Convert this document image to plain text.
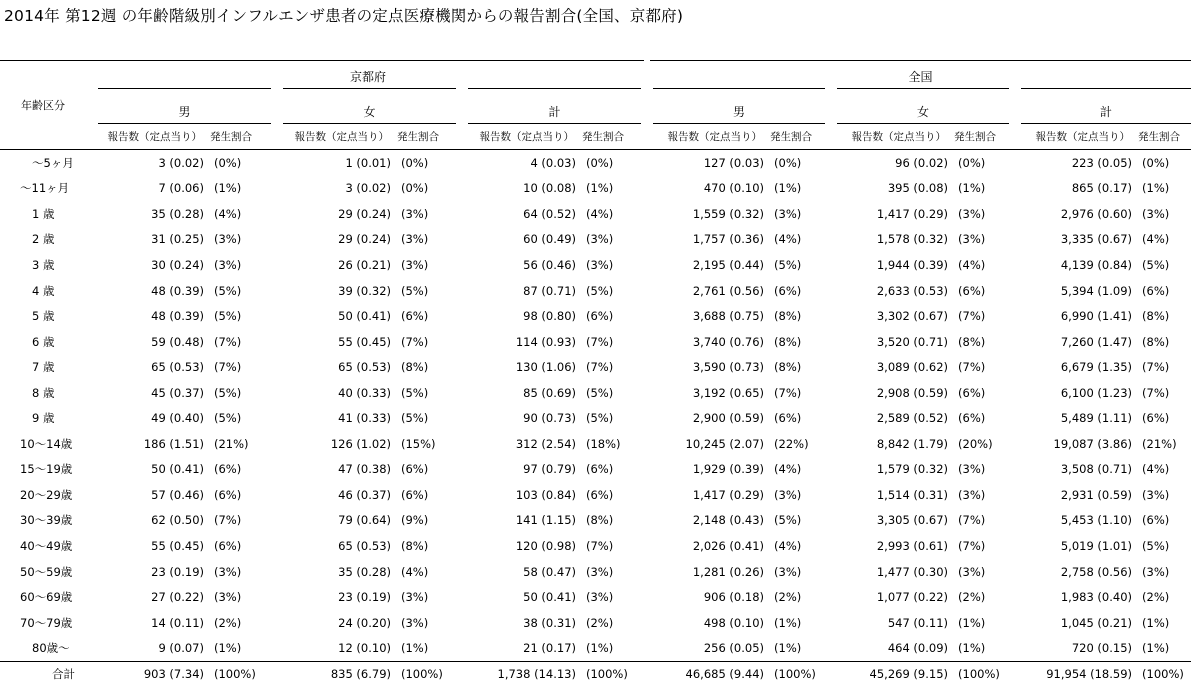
2014年 第12週 の年齢階級別インフルエンザ患者の定点医療機関からの報告割合(全国、京都府)
	京都府						全国					
年齢区分	男		女		計		男		女		計	
	報告数（定点当り）	発生割合	報告数（定点当り）	発生割合	報告数（定点当り）	発生割合	報告数（定点当り）	発生割合	報告数（定点当り）	発生割合	報告数（定点当り）	発生割合
〜5ヶ月	3 (0.02)	(0%)	1 (0.01)	(0%)	4 (0.03)	(0%)	127 (0.03)	(0%)	96 (0.02)	(0%)	223 (0.05)	(0%)
〜11ヶ月	7 (0.06)	(1%)	3 (0.02)	(0%)	10 (0.08)	(1%)	470 (0.10)	(1%)	395 (0.08)	(1%)	865 (0.17)	(1%)
1 歳	35 (0.28)	(4%)	29 (0.24)	(3%)	64 (0.52)	(4%)	1,559 (0.32)	(3%)	1,417 (0.29)	(3%)	2,976 (0.60)	(3%)
2 歳	31 (0.25)	(3%)	29 (0.24)	(3%)	60 (0.49)	(3%)	1,757 (0.36)	(4%)	1,578 (0.32)	(3%)	3,335 (0.67)	(4%)
3 歳	30 (0.24)	(3%)	26 (0.21)	(3%)	56 (0.46)	(3%)	2,195 (0.44)	(5%)	1,944 (0.39)	(4%)	4,139 (0.84)	(5%)
4 歳	48 (0.39)	(5%)	39 (0.32)	(5%)	87 (0.71)	(5%)	2,761 (0.56)	(6%)	2,633 (0.53)	(6%)	5,394 (1.09)	(6%)
5 歳	48 (0.39)	(5%)	50 (0.41)	(6%)	98 (0.80)	(6%)	3,688 (0.75)	(8%)	3,302 (0.67)	(7%)	6,990 (1.41)	(8%)
6 歳	59 (0.48)	(7%)	55 (0.45)	(7%)	114 (0.93)	(7%)	3,740 (0.76)	(8%)	3,520 (0.71)	(8%)	7,260 (1.47)	(8%)
7 歳	65 (0.53)	(7%)	65 (0.53)	(8%)	130 (1.06)	(7%)	3,590 (0.73)	(8%)	3,089 (0.62)	(7%)	6,679 (1.35)	(7%)
8 歳	45 (0.37)	(5%)	40 (0.33)	(5%)	85 (0.69)	(5%)	3,192 (0.65)	(7%)	2,908 (0.59)	(6%)	6,100 (1.23)	(7%)
9 歳	49 (0.40)	(5%)	41 (0.33)	(5%)	90 (0.73)	(5%)	2,900 (0.59)	(6%)	2,589 (0.52)	(6%)	5,489 (1.11)	(6%)
10〜14歳	186 (1.51)	(21%)	126 (1.02)	(15%)	312 (2.54)	(18%)	10,245 (2.07)	(22%)	8,842 (1.79)	(20%)	19,087 (3.86)	(21%)
15〜19歳	50 (0.41)	(6%)	47 (0.38)	(6%)	97 (0.79)	(6%)	1,929 (0.39)	(4%)	1,579 (0.32)	(3%)	3,508 (0.71)	(4%)
20〜29歳	57 (0.46)	(6%)	46 (0.37)	(6%)	103 (0.84)	(6%)	1,417 (0.29)	(3%)	1,514 (0.31)	(3%)	2,931 (0.59)	(3%)
30〜39歳	62 (0.50)	(7%)	79 (0.64)	(9%)	141 (1.15)	(8%)	2,148 (0.43)	(5%)	3,305 (0.67)	(7%)	5,453 (1.10)	(6%)
40〜49歳	55 (0.45)	(6%)	65 (0.53)	(8%)	120 (0.98)	(7%)	2,026 (0.41)	(4%)	2,993 (0.61)	(7%)	5,019 (1.01)	(5%)
50〜59歳	23 (0.19)	(3%)	35 (0.28)	(4%)	58 (0.47)	(3%)	1,281 (0.26)	(3%)	1,477 (0.30)	(3%)	2,758 (0.56)	(3%)
60〜69歳	27 (0.22)	(3%)	23 (0.19)	(3%)	50 (0.41)	(3%)	906 (0.18)	(2%)	1,077 (0.22)	(2%)	1,983 (0.40)	(2%)
70〜79歳	14 (0.11)	(2%)	24 (0.20)	(3%)	38 (0.31)	(2%)	498 (0.10)	(1%)	547 (0.11)	(1%)	1,045 (0.21)	(1%)
80歳〜	9 (0.07)	(1%)	12 (0.10)	(1%)	21 (0.17)	(1%)	256 (0.05)	(1%)	464 (0.09)	(1%)	720 (0.15)	(1%)
合計	903 (7.34)	(100%)	835 (6.79)	(100%)	1,738 (14.13)	(100%)	46,685 (9.44)	(100%)	45,269 (9.15)	(100%)	91,954 (18.59)	(100%)
